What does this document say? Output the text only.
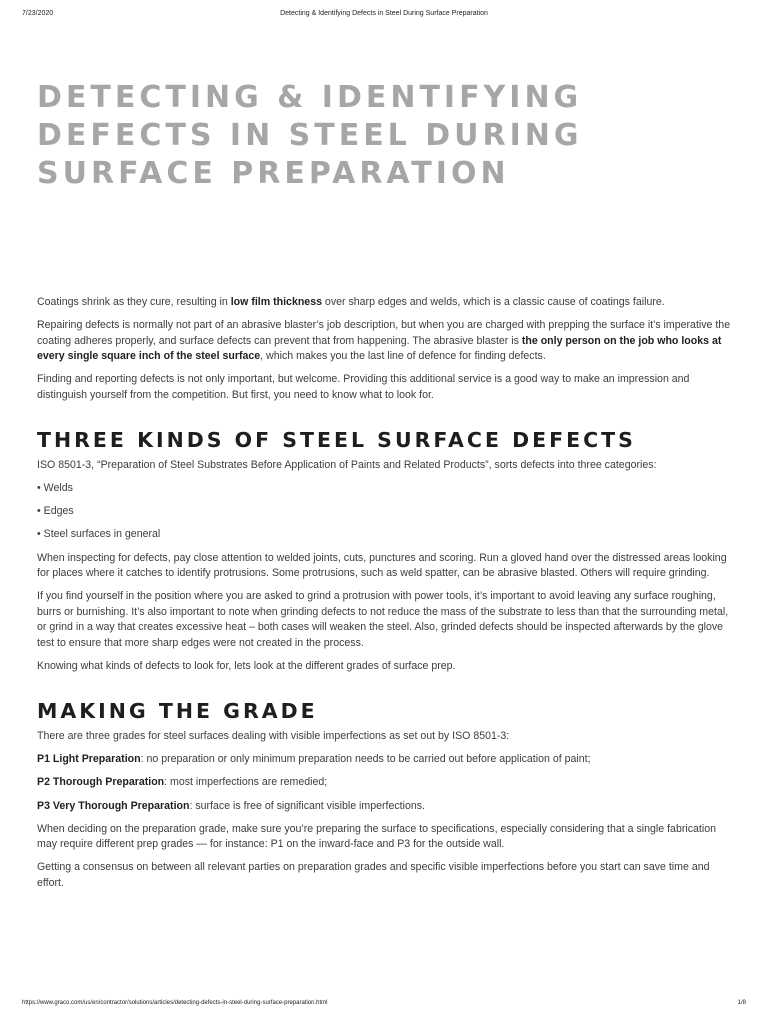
7/23/2020	Detecting & Identifying Defects in Steel During Surface Preparation
DETECTING & IDENTIFYING DEFECTS IN STEEL DURING SURFACE PREPARATION

Coatings shrink as they cure, resulting in low film thickness over sharp edges and welds, which is a classic cause of coatings failure.

Repairing defects is normally not part of an abrasive blaster’s job description, but when you are charged with prepping the surface it’s imperative the coating adheres properly, and surface defects can prevent that from happening. The abrasive blaster is the only person on the job who looks at every single square inch of the steel surface, which makes you the last line of defence for finding defects.

Finding and reporting defects is not only important, but welcome. Providing this additional service is a good way to make an impression and distinguish yourself from the competition. But first, you need to know what to look for.

THREE KINDS OF STEEL SURFACE DEFECTS

ISO 8501-3, “Preparation of Steel Substrates Before Application of Paints and Related Products”, sorts defects into three categories:

• Welds

• Edges

• Steel surfaces in general

When inspecting for defects, pay close attention to welded joints, cuts, punctures and scoring. Run a gloved hand over the distressed areas looking for places where it catches to identify protrusions. Some protrusions, such as weld spatter, can be abrasive blasted. Others will require grinding.

If you find yourself in the position where you are asked to grind a protrusion with power tools, it’s important to avoid leaving any surface roughing, burrs or burnishing. It’s also important to note when grinding defects to not reduce the mass of the substrate to less than that the surrounding metal, or grind in a way that creates excessive heat – both cases will weaken the steel. Also, grinded defects should be inspected afterwards by the glove test to ensure that more sharp edges were not created in the process.

Knowing what kinds of defects to look for, lets look at the different grades of surface prep.

MAKING THE GRADE

There are three grades for steel surfaces dealing with visible imperfections as set out by ISO 8501-3:

P1 Light Preparation: no preparation or only minimum preparation needs to be carried out before application of paint;

P2 Thorough Preparation: most imperfections are remedied;

P3 Very Thorough Preparation: surface is free of significant visible imperfections.

When deciding on the preparation grade, make sure you’re preparing the surface to specifications, especially considering that a single fabrication may require different prep grades — for instance: P1 on the inward-face and P3 for the outside wall.

Getting a consensus on between all relevant parties on preparation grades and specific visible imperfections before you start can save time and effort.

https://www.graco.com/us/en/contractor/solutions/articles/detecting-defects-in-steel-during-surface-preparation.html	1/8
